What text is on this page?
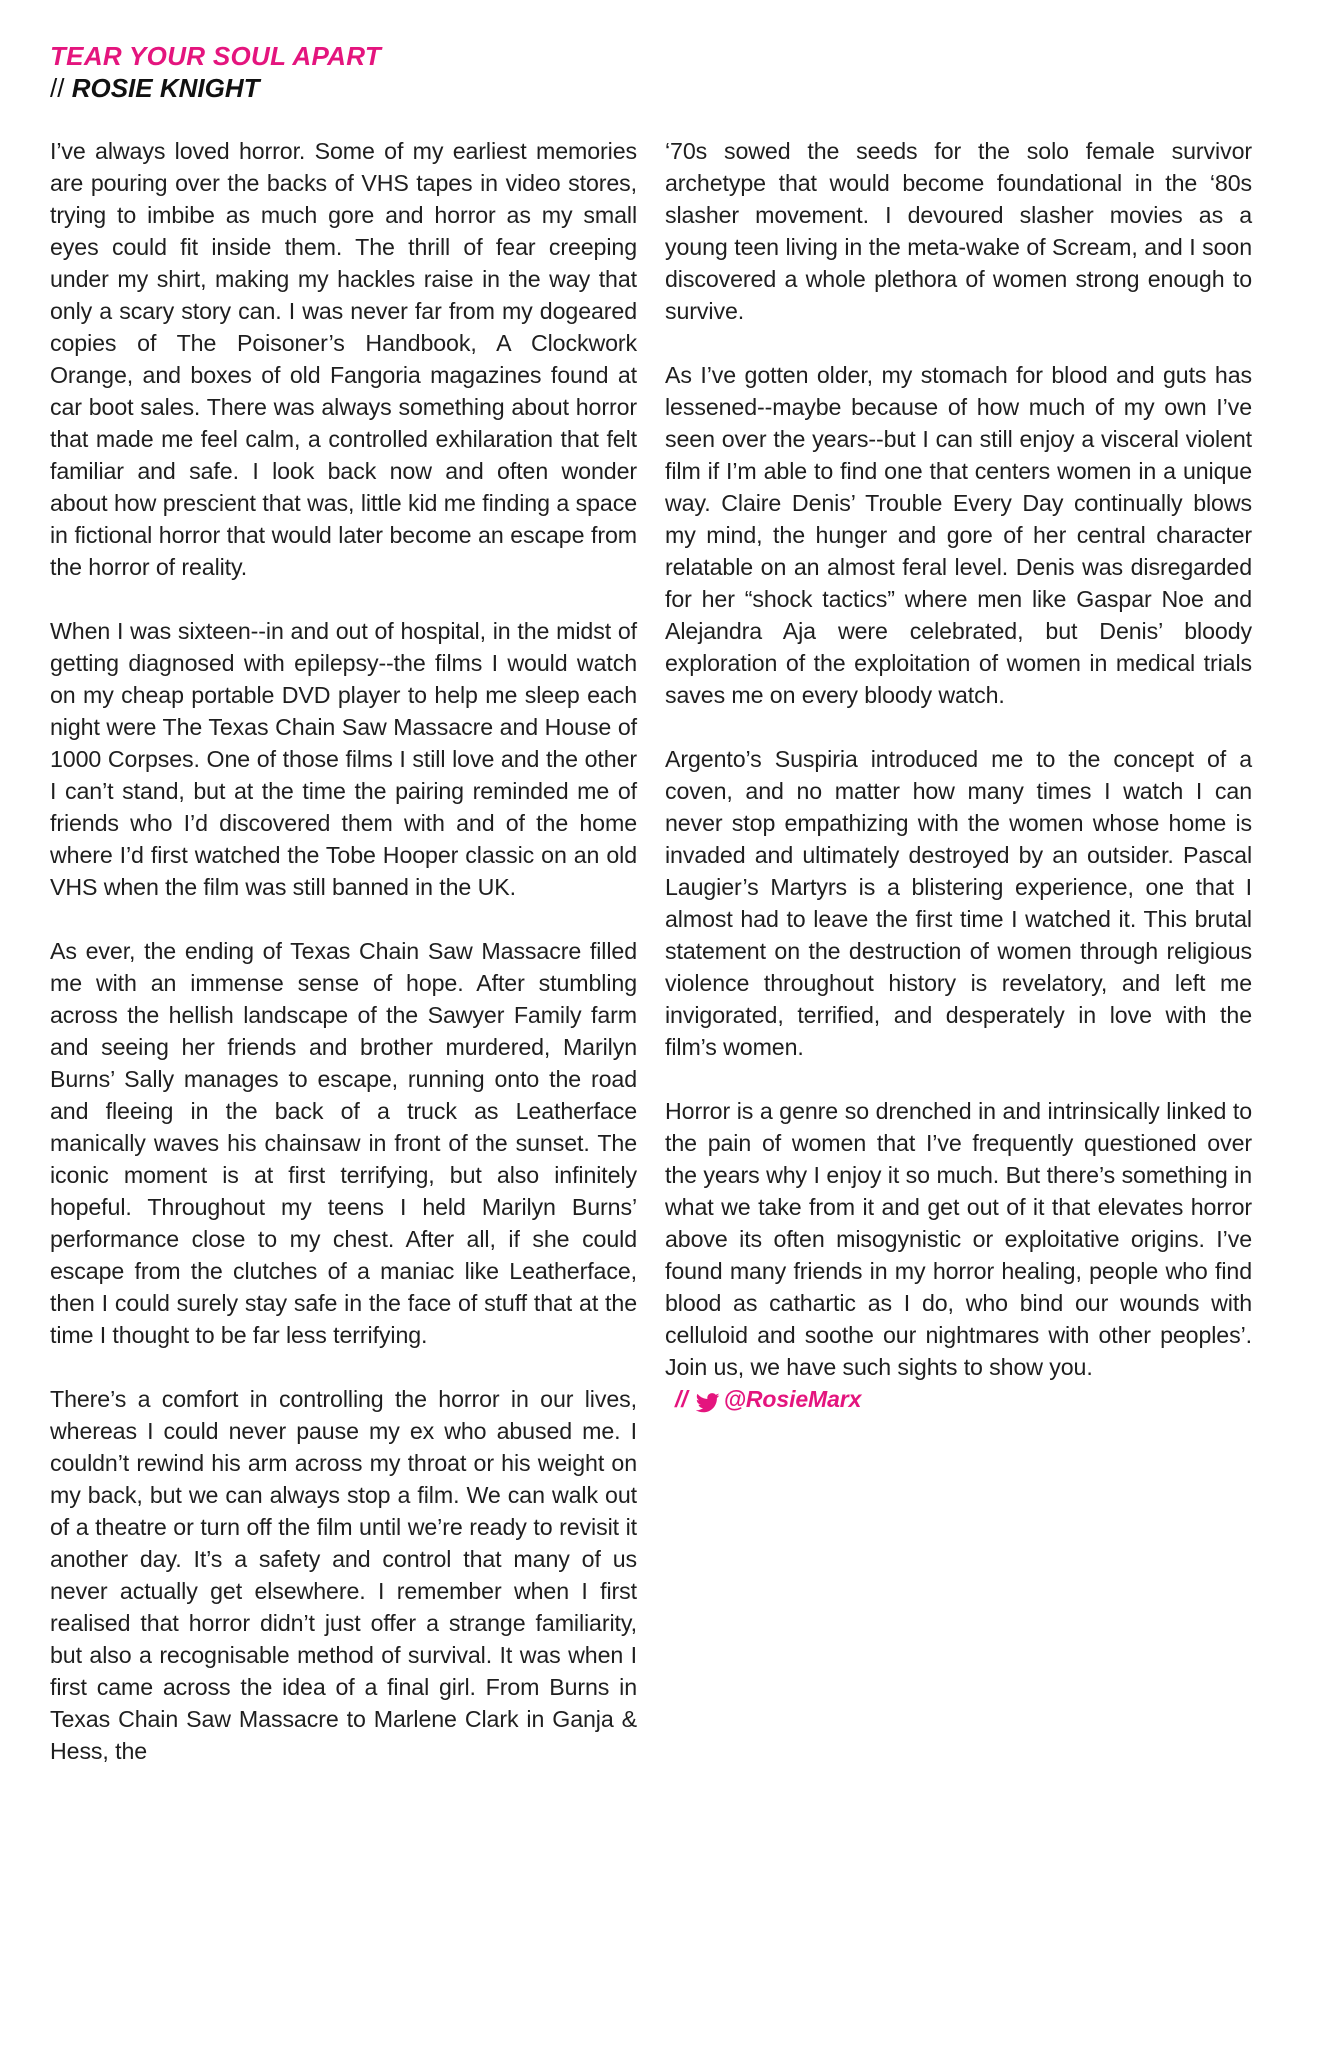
TEAR YOUR SOUL APART
// ROSIE KNIGHT

I’ve always loved horror. Some of my earliest memories are pouring over the backs of VHS tapes in video stores, trying to imbibe as much gore and horror as my small eyes could fit inside them. The thrill of fear creeping under my shirt, making my hackles raise in the way that only a scary story can. I was never far from my dogeared copies of The Poisoner’s Handbook, A Clockwork Orange, and boxes of old Fangoria magazines found at car boot sales. There was always something about horror that made me feel calm, a controlled exhilaration that felt familiar and safe. I look back now and often wonder about how prescient that was, little kid me finding a space in fictional horror that would later become an escape from the horror of reality.

When I was sixteen--in and out of hospital, in the midst of getting diagnosed with epilepsy--the films I would watch on my cheap portable DVD player to help me sleep each night were The Texas Chain Saw Massacre and House of 1000 Corpses. One of those films I still love and the other I can’t stand, but at the time the pairing reminded me of friends who I’d discovered them with and of the home where I’d first watched the Tobe Hooper classic on an old VHS when the film was still banned in the UK.

As ever, the ending of Texas Chain Saw Massacre filled me with an immense sense of hope. After stumbling across the hellish landscape of the Sawyer Family farm and seeing her friends and brother murdered, Marilyn Burns’ Sally manages to escape, running onto the road and fleeing in the back of a truck as Leatherface manically waves his chainsaw in front of the sunset. The iconic moment is at first terrifying, but also infinitely hopeful. Throughout my teens I held Marilyn Burns’ performance close to my chest. After all, if she could escape from the clutches of a maniac like Leatherface, then I could surely stay safe in the face of stuff that at the time I thought to be far less terrifying.

There’s a comfort in controlling the horror in our lives, whereas I could never pause my ex who abused me. I couldn’t rewind his arm across my throat or his weight on my back, but we can always stop a film. We can walk out of a theatre or turn off the film until we’re ready to revisit it another day. It’s a safety and control that many of us never actually get elsewhere. I remember when I first realised that horror didn’t just offer a strange familiarity, but also a recognisable method of survival. It was when I first came across the idea of a final girl. From Burns in Texas Chain Saw Massacre to Marlene Clark in Ganja & Hess, the

‘70s sowed the seeds for the solo female survivor archetype that would become foundational in the ‘80s slasher movement. I devoured slasher movies as a young teen living in the meta-wake of Scream, and I soon discovered a whole plethora of women strong enough to survive.

As I’ve gotten older, my stomach for blood and guts has lessened--maybe because of how much of my own I’ve seen over the years--but I can still enjoy a visceral violent film if I’m able to find one that centers women in a unique way. Claire Denis’ Trouble Every Day continually blows my mind, the hunger and gore of her central character relatable on an almost feral level. Denis was disregarded for her “shock tactics” where men like Gaspar Noe and Alejandra Aja were celebrated, but Denis’ bloody exploration of the exploitation of women in medical trials saves me on every bloody watch.

Argento’s Suspiria introduced me to the concept of a coven, and no matter how many times I watch I can never stop empathizing with the women whose home is invaded and ultimately destroyed by an outsider. Pascal Laugier’s Martyrs is a blistering experience, one that I almost had to leave the first time I watched it. This brutal statement on the destruction of women through religious violence throughout history is revelatory, and left me invigorated, terrified, and desperately in love with the film’s women.

Horror is a genre so drenched in and intrinsically linked to the pain of women that I’ve frequently questioned over the years why I enjoy it so much. But there’s something in what we take from it and get out of it that elevates horror above its often misogynistic or exploitative origins. I’ve found many friends in my horror healing, people who find blood as cathartic as I do, who bind our wounds with celluloid and soothe our nightmares with other peoples’. Join us, we have such sights to show you.

// @RosieMarx
